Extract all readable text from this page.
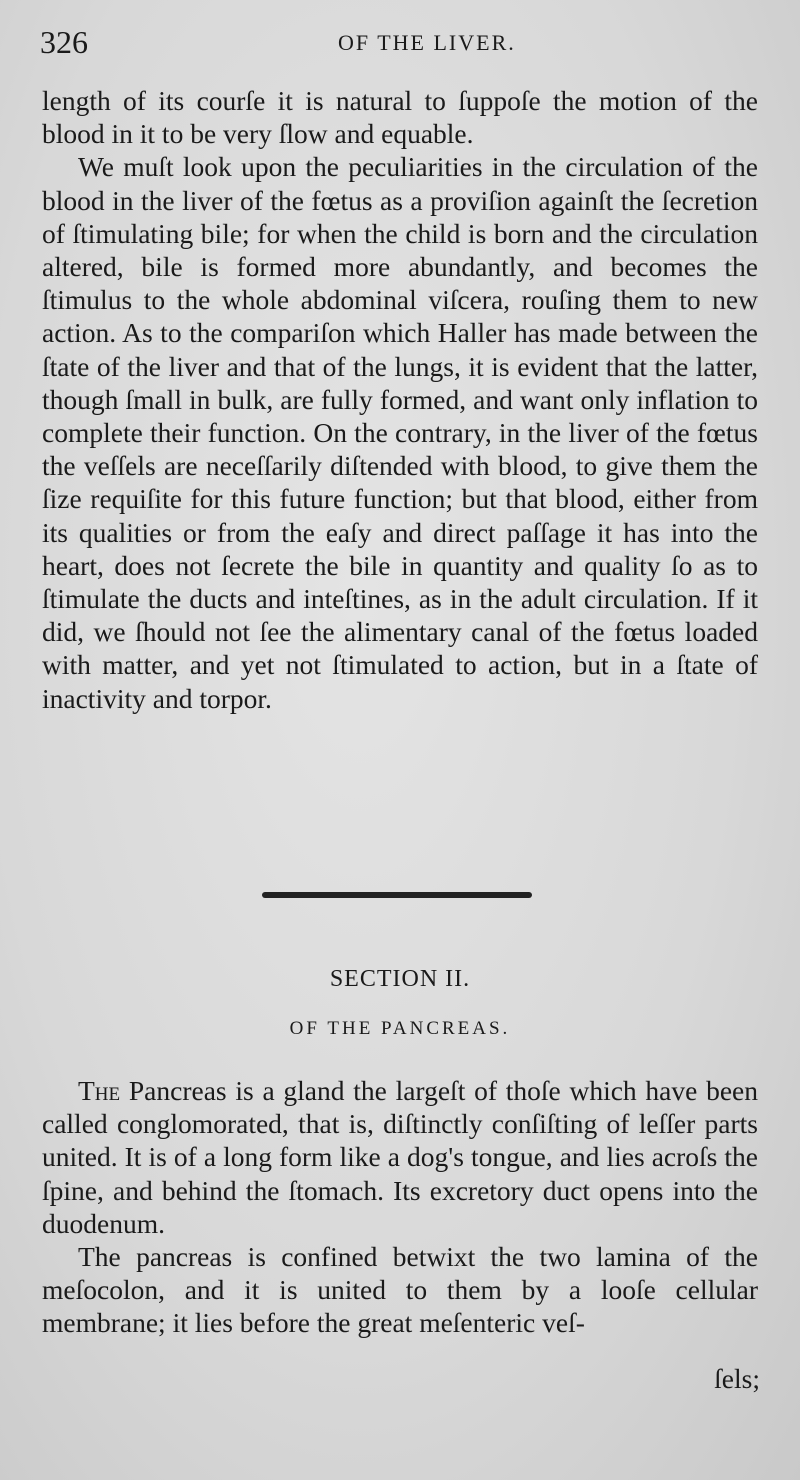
326	OF THE LIVER.

length of its courſe it is natural to ſuppoſe the motion of the blood in it to be very ſlow and equable.

We muſt look upon the peculiarities in the circulation of the blood in the liver of the fœtus as a proviſion againſt the ſecretion of ſtimulating bile; for when the child is born and the circulation altered, bile is formed more abundantly, and becomes the ſtimulus to the whole abdominal viſcera, rouſing them to new action. As to the compariſon which Haller has made between the ſtate of the liver and that of the lungs, it is evident that the latter, though ſmall in bulk, are fully formed, and want only inflation to complete their function. On the contrary, in the liver of the fœtus the veſſels are neceſſarily diſtended with blood, to give them the ſize requiſite for this future function; but that blood, either from its qualities or from the eaſy and direct paſſage it has into the heart, does not ſecrete the bile in quantity and quality ſo as to ſtimulate the ducts and inteſtines, as in the adult circulation. If it did, we ſhould not ſee the alimentary canal of the fœtus loaded with matter, and yet not ſtimulated to action, but in a ſtate of inactivity and torpor.

SECTION II.
OF THE PANCREAS.

The Pancreas is a gland the largeſt of thoſe which have been called conglomorated, that is, diſtinctly conſiſting of leſſer parts united. It is of a long form like a dog's tongue, and lies acroſs the ſpine, and behind the ſtomach. Its excretory duct opens into the duodenum.

The pancreas is confined betwixt the two lamina of the meſocolon, and it is united to them by a looſe cellular membrane; it lies before the great meſenteric veſ-

ſels;
